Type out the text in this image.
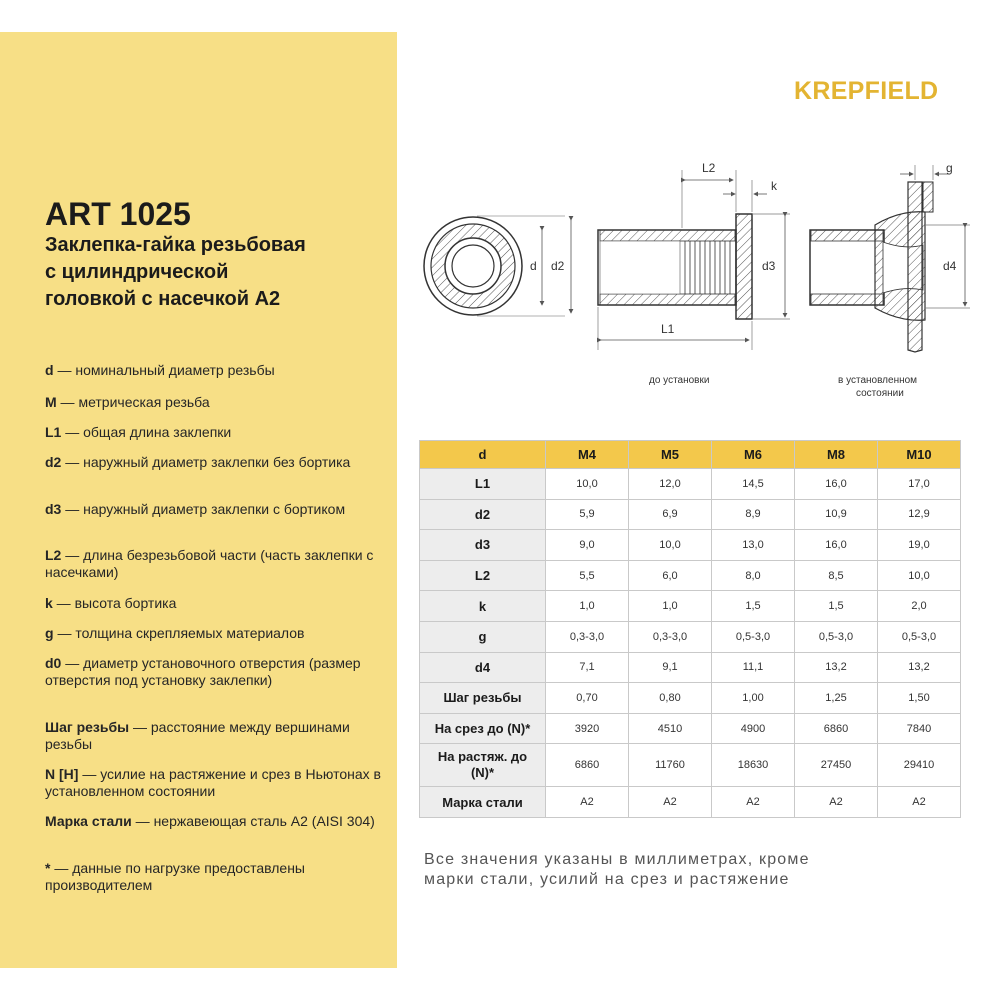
ART 1025
Заклепка-гайка резьбовая
с цилиндрической
головкой с насечкой А2
d — номинальный диаметр резьбы
M — метрическая резьба
L1 — общая длина заклепки
d2 — наружный диаметр заклепки без бортика
d3 — наружный диаметр заклепки с бортиком
L2 — длина безрезьбовой части (часть заклепки с насечками)
k — высота бортика
g — толщина скрепляемых материалов
d0 — диаметр установочного отверстия (размер отверстия под установку заклепки)
Шаг резьбы — расстояние между вершинами резьбы
N [H] — усилие на растяжение и срез в Ньютонах в установленном состоянии
Марка стали — нержавеющая сталь А2 (AISI 304)
* — данные по нагрузке предоставлены производителем
KREPFIELD
L2
k
d d2	d3
L1
g
d4
до установки	в установленном
состоянии
d	M4	M5	M6	M8	M10
L1	10,0	12,0	14,5	16,0	17,0
d2	5,9	6,9	8,9	10,9	12,9
d3	9,0	10,0	13,0	16,0	19,0
L2	5,5	6,0	8,0	8,5	10,0
k	1,0	1,0	1,5	1,5	2,0
g	0,3-3,0	0,3-3,0	0,5-3,0	0,5-3,0	0,5-3,0
d4	7,1	9,1	11,1	13,2	13,2
Шаг резьбы	0,70	0,80	1,00	1,25	1,50
На срез до (N)*	3920	4510	4900	6860	7840
На растяж. до
(N)*	6860	11760	18630	27450	29410
Марка стали	А2	А2	А2	А2	А2

Все значения указаны в миллиметрах, кроме
марки стали, усилий на срез и растяжение
